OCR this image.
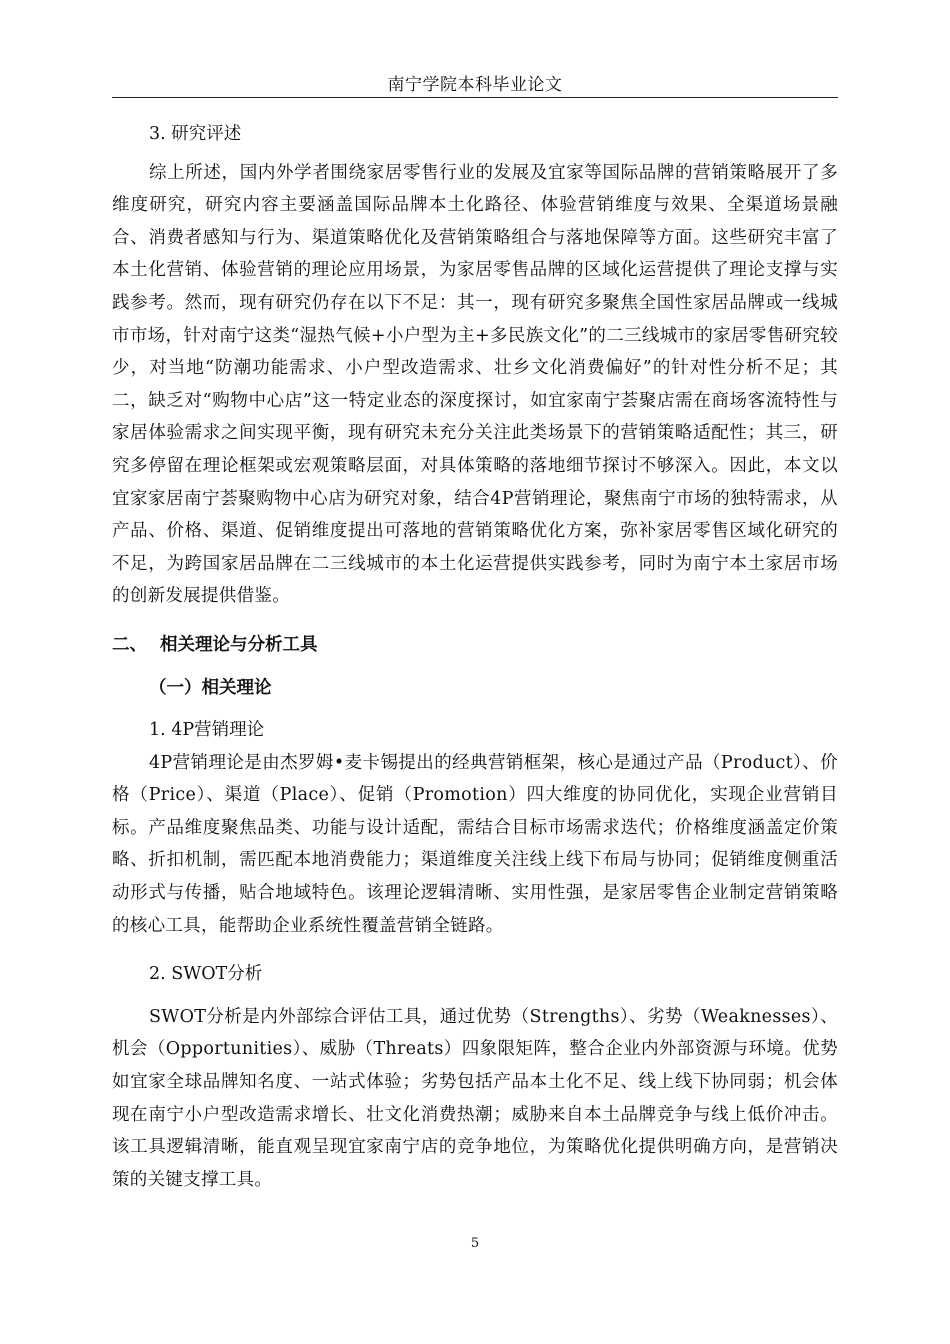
南宁学院本科毕业论文

3. 研究评述

综上所述，国内外学者围绕家居零售行业的发展及宜家等国际品牌的营销策略展开了多维度研究，研究内容主要涵盖国际品牌本土化路径、体验营销维度与效果、全渠道场景融合、消费者感知与行为、渠道策略优化及营销策略组合与落地保障等方面。这些研究丰富了本土化营销、体验营销的理论应用场景，为家居零售品牌的区域化运营提供了理论支撑与实践参考。然而，现有研究仍存在以下不足：其一，现有研究多聚焦全国性家居品牌或一线城市市场，针对南宁这类“湿热气候+小户型为主+多民族文化”的二三线城市的家居零售研究较少，对当地“防潮功能需求、小户型改造需求、壮乡文化消费偏好”的针对性分析不足；其二，缺乏对“购物中心店”这一特定业态的深度探讨，如宜家南宁荟聚店需在商场客流特性与家居体验需求之间实现平衡，现有研究未充分关注此类场景下的营销策略适配性；其三，研究多停留在理论框架或宏观策略层面，对具体策略的落地细节探讨不够深入。因此，本文以宜家家居南宁荟聚购物中心店为研究对象，结合4P营销理论，聚焦南宁市场的独特需求，从产品、价格、渠道、促销维度提出可落地的营销策略优化方案，弥补家居零售区域化研究的不足，为跨国家居品牌在二三线城市的本土化运营提供实践参考，同时为南宁本土家居市场的创新发展提供借鉴。

二、 相关理论与分析工具

（一）相关理论

1. 4P营销理论

4P营销理论是由杰罗姆•麦卡锡提出的经典营销框架，核心是通过产品（Product）、价格（Price）、渠道（Place）、促销（Promotion）四大维度的协同优化，实现企业营销目标。产品维度聚焦品类、功能与设计适配，需结合目标市场需求迭代；价格维度涵盖定价策略、折扣机制，需匹配本地消费能力；渠道维度关注线上线下布局与协同；促销维度侧重活动形式与传播，贴合地域特色。该理论逻辑清晰、实用性强，是家居零售企业制定营销策略的核心工具，能帮助企业系统性覆盖营销全链路。

2. SWOT分析

SWOT分析是内外部综合评估工具，通过优势（Strengths）、劣势（Weaknesses）、机会（Opportunities）、威胁（Threats）四象限矩阵，整合企业内外部资源与环境。优势如宜家全球品牌知名度、一站式体验；劣势包括产品本土化不足、线上线下协同弱；机会体现在南宁小户型改造需求增长、壮文化消费热潮；威胁来自本土品牌竞争与线上低价冲击。该工具逻辑清晰，能直观呈现宜家南宁店的竞争地位，为策略优化提供明确方向，是营销决策的关键支撑工具。

5
